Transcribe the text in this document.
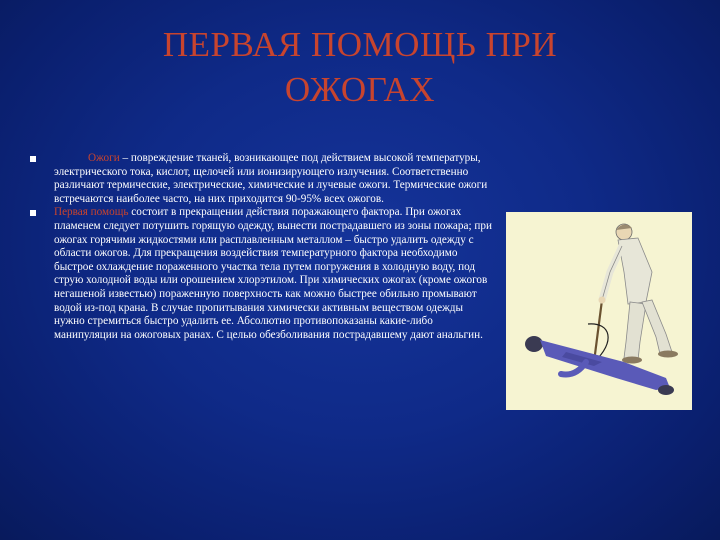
ПЕРВАЯ ПОМОЩЬ ПРИ
ОЖОГАХ

Ожоги – повреждение тканей, возникающее под действием высокой температуры, электрического тока, кислот, щелочей или ионизирующего излучения. Соответственно различают термические, электрические, химические и лучевые ожоги. Термические ожоги встречаются наиболее часто, на них приходится 90-95% всех ожогов.

Первая помощь состоит в прекращении действия поражающего фактора. При ожогах пламенем следует потушить горящую одежду, вынести пострадавшего из зоны пожара; при ожогах горячими жидкостями или расплавленным металлом – быстро удалить одежду с области ожогов. Для прекращения воздействия температурного фактора необходимо быстрое охлаждение пораженного участка тела путем погружения в холодную воду, под струю холодной воды или орошением хлорэтилом. При химических ожогах (кроме ожогов негашеной известью) пораженную поверхность как можно быстрее обильно промывают водой из-под крана. В случае пропитывания химически активным веществом одежды нужно стремиться быстро удалить ее. Абсолютно противопоказаны какие-либо манипуляции на ожоговых ранах. С целью обезболивания пострадавшему дают анальгин.
